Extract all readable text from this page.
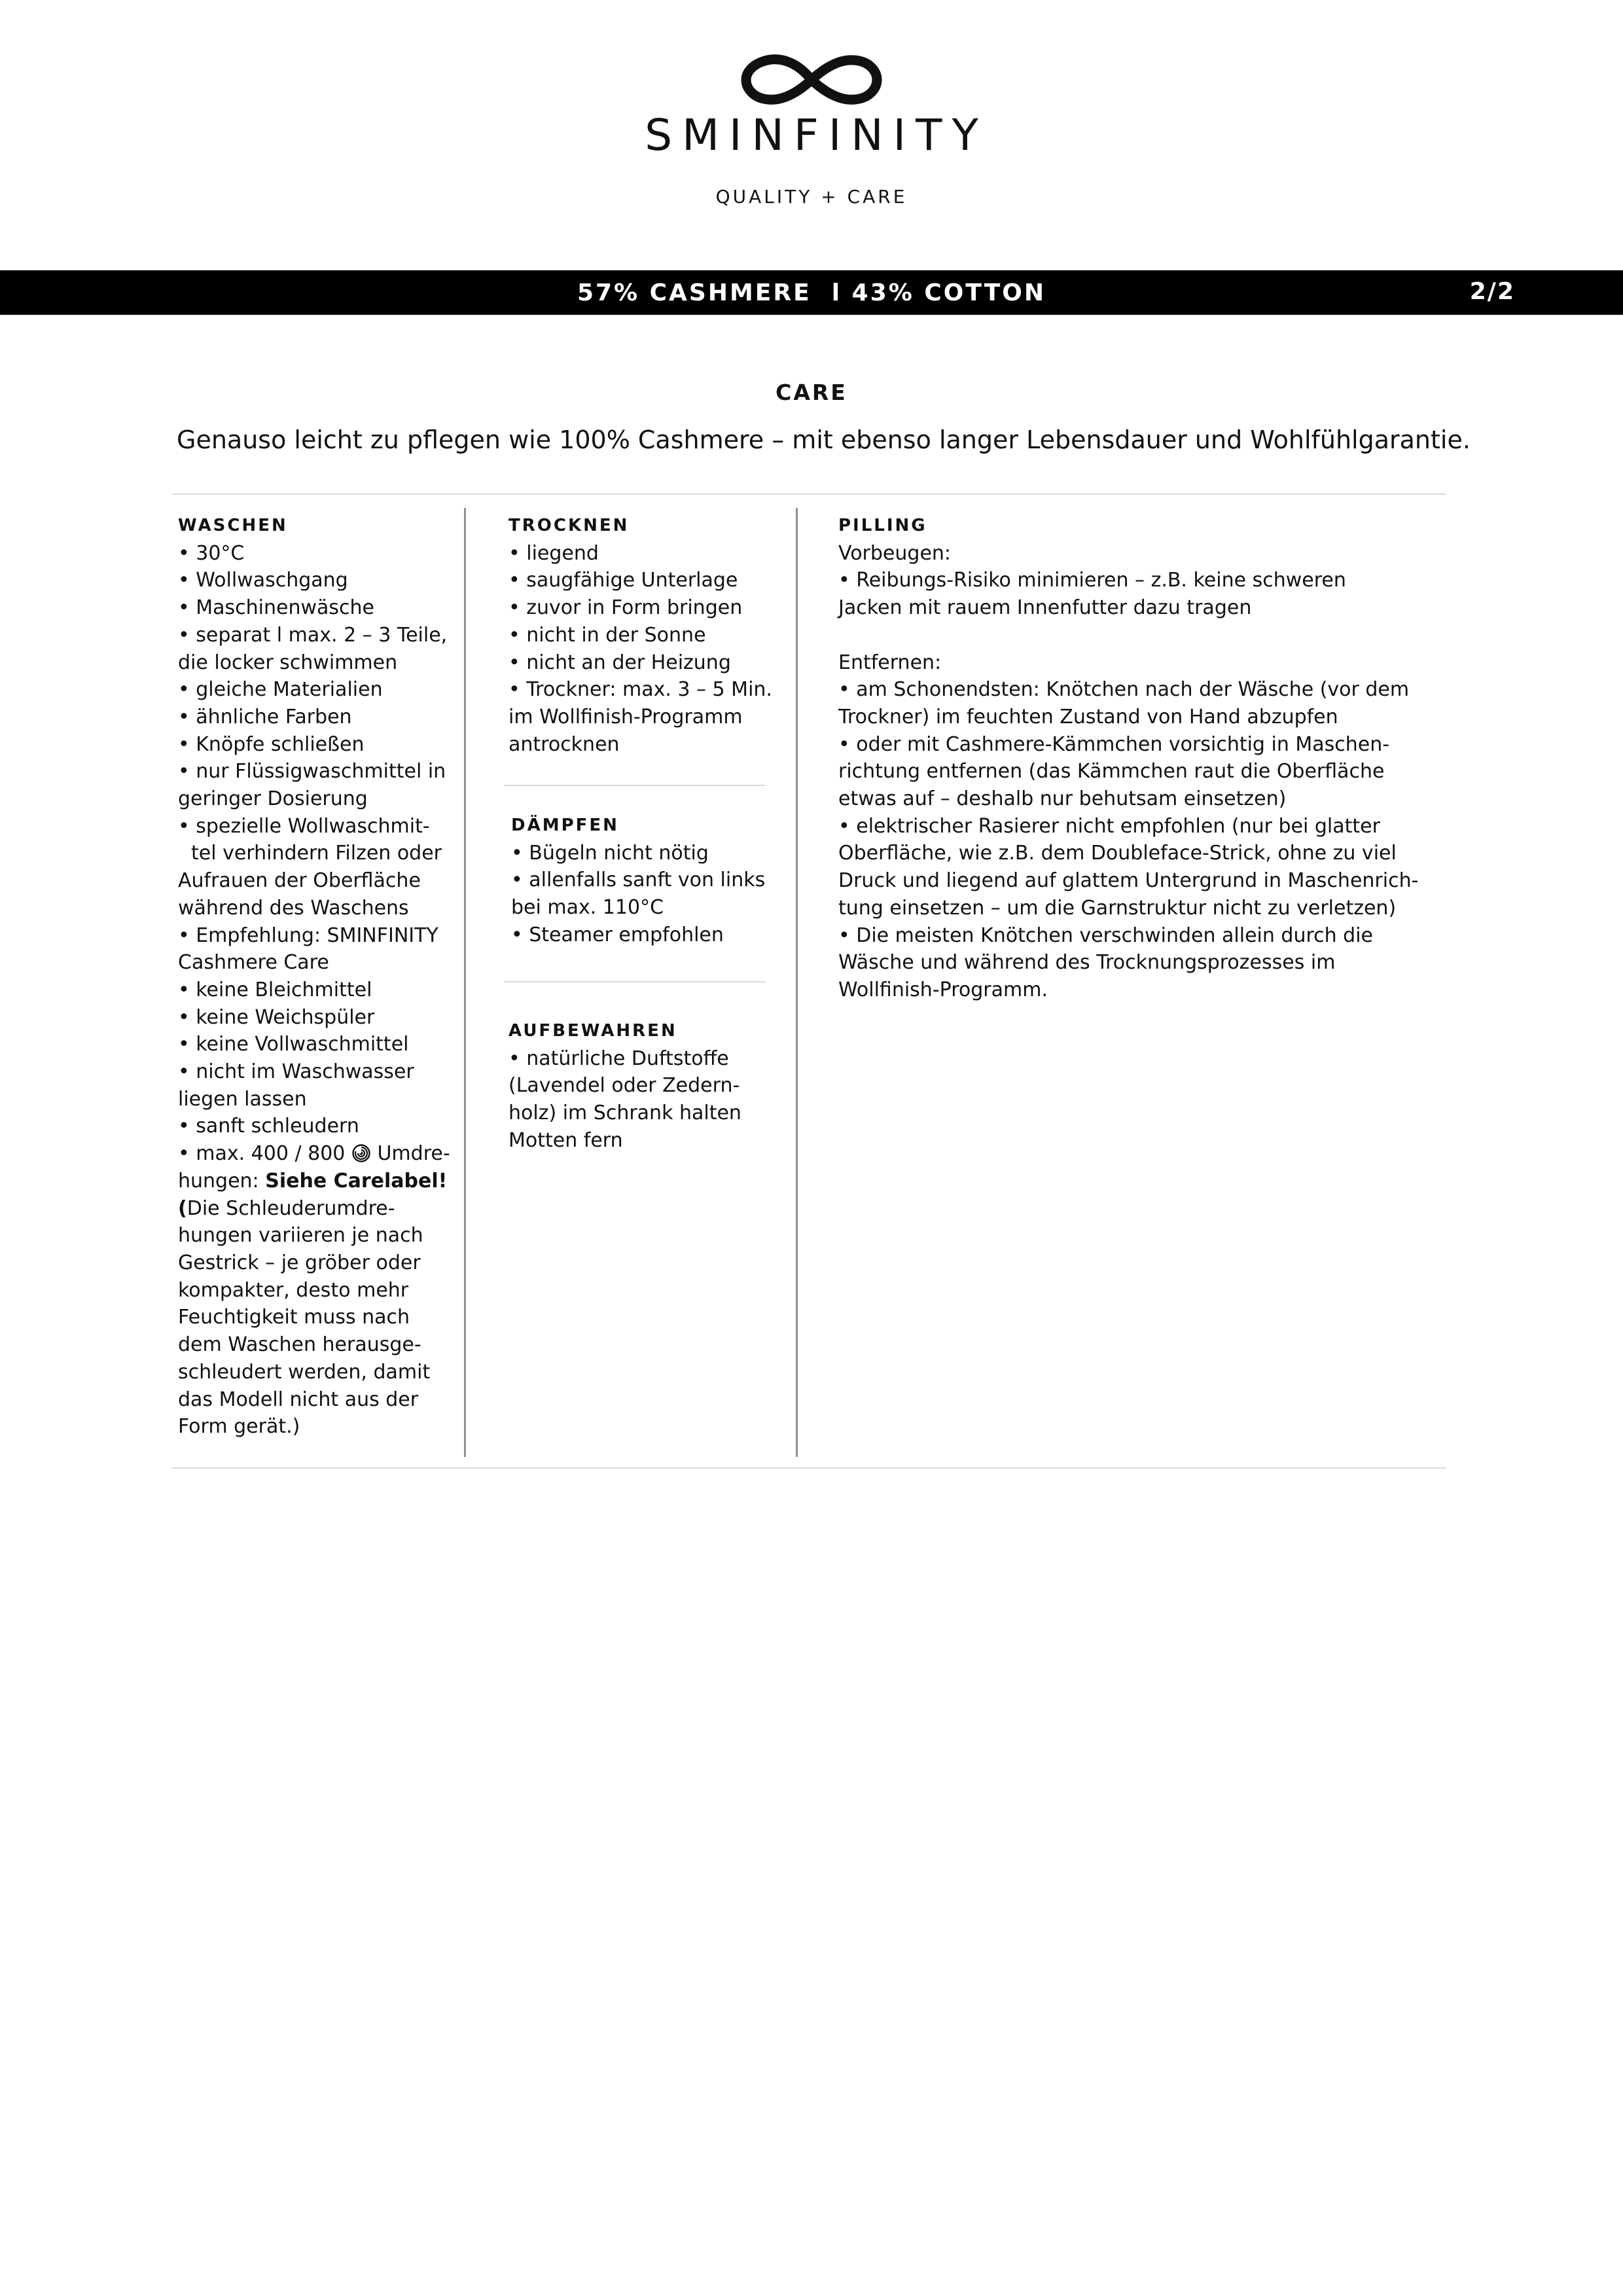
SMINFINITY
QUALITY + CARE
57% CASHMERE  l 43% COTTON	2/2
CARE
Genauso leicht zu pflegen wie 100% Cashmere – mit ebenso langer Lebensdauer und Wohlfühlgarantie.
WASCHEN
• 30°C
• Wollwaschgang
• Maschinenwäsche
• separat l max. 2 – 3 Teile,
die locker schwimmen
• gleiche Materialien
• ähnliche Farben
• Knöpfe schließen
• nur Flüssigwaschmittel in
geringer Dosierung
• spezielle Wollwaschmit-
tel verhindern Filzen oder
Aufrauen der Oberfläche
während des Waschens
• Empfehlung: SMINFINITY
Cashmere Care
• keine Bleichmittel
• keine Weichspüler
• keine Vollwaschmittel
• nicht im Waschwasser
liegen lassen
• sanft schleudern
• max. 400 / 800 Umdre-
hungen: Siehe Carelabel!
(Die Schleuderumdre-
hungen variieren je nach
Gestrick – je gröber oder
kompakter, desto mehr
Feuchtigkeit muss nach
dem Waschen herausge-
schleudert werden, damit
das Modell nicht aus der
Form gerät.)
TROCKNEN
• liegend
• saugfähige Unterlage
• zuvor in Form bringen
• nicht in der Sonne
• nicht an der Heizung
• Trockner: max. 3 – 5 Min.
im Wollfinish-Programm
antrocknen
DÄMPFEN
• Bügeln nicht nötig
• allenfalls sanft von links
bei max. 110°C
• Steamer empfohlen
AUFBEWAHREN
• natürliche Duftstoffe
(Lavendel oder Zedern-
holz) im Schrank halten
Motten fern
PILLING

Vorbeugen:

• Reibungs-Risiko minimieren – z.B. keine schweren
Jacken mit rauem Innenfutter dazu tragen

Entfernen:

• am Schonendsten: Knötchen nach der Wäsche (vor dem
Trockner) im feuchten Zustand von Hand abzupfen
• oder mit Cashmere-Kämmchen vorsichtig in Maschen-
richtung entfernen (das Kämmchen raut die Oberfläche
etwas auf – deshalb nur behutsam einsetzen)
• elektrischer Rasierer nicht empfohlen (nur bei glatter
Oberfläche, wie z.B. dem Doubleface-Strick, ohne zu viel
Druck und liegend auf glattem Untergrund in Maschenrich-
tung einsetzen – um die Garnstruktur nicht zu verletzen)
• Die meisten Knötchen verschwinden allein durch die
Wäsche und während des Trocknungsprozesses im
Wollfinish-Programm.
